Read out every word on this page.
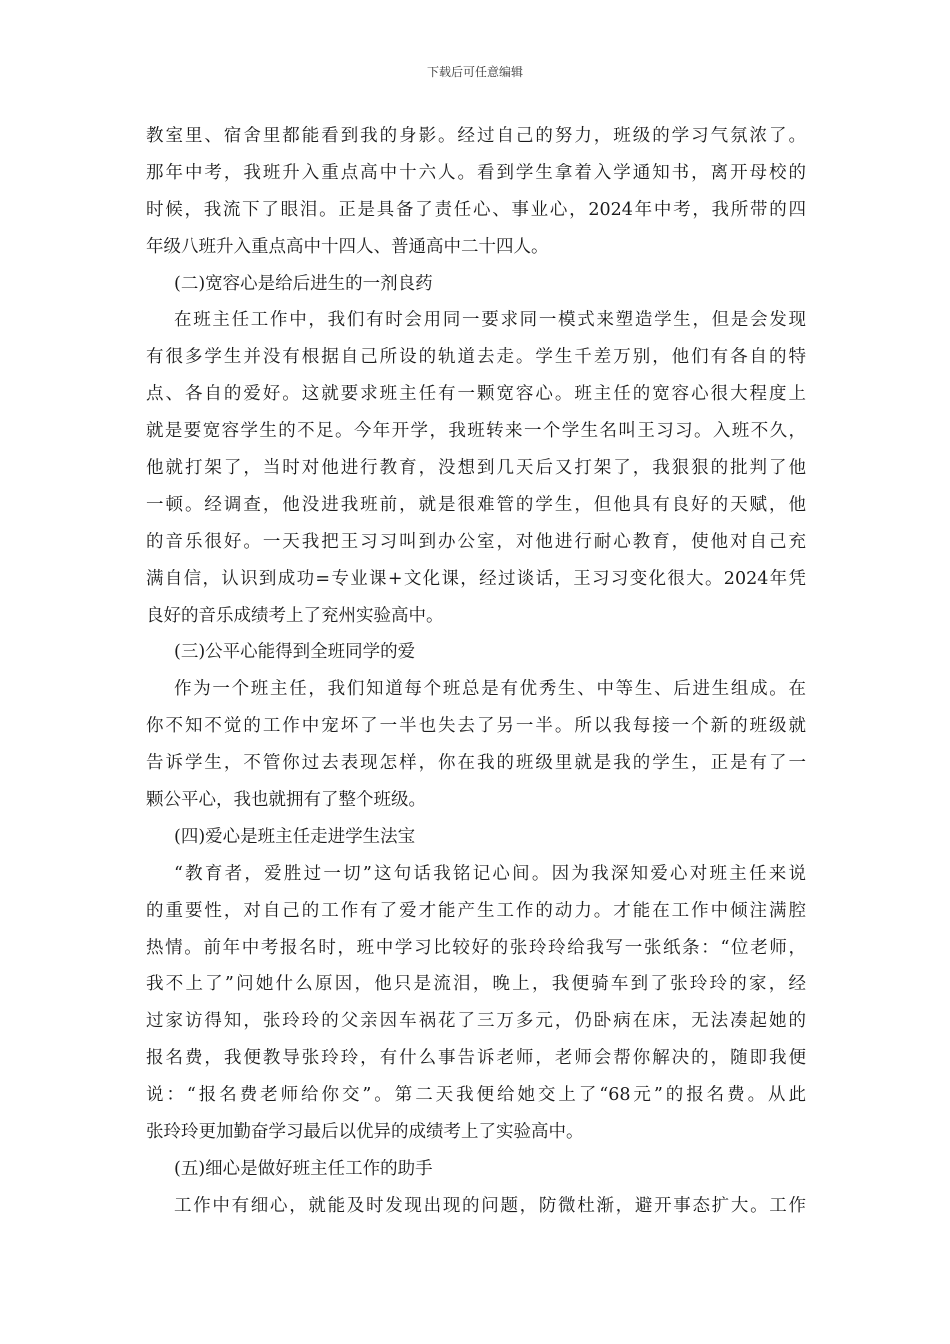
下载后可任意编辑
教室里、宿舍里都能看到我的身影。经过自己的努力，班级的学习气氛浓了。
那年中考，我班升入重点高中十六人。看到学生拿着入学通知书，离开母校的
时候，我流下了眼泪。正是具备了责任心、事业心，2024年中考，我所带的四
年级八班升入重点高中十四人、普通高中二十四人。
(二)宽容心是给后进生的一剂良药
在班主任工作中，我们有时会用同一要求同一模式来塑造学生，但是会发现
有很多学生并没有根据自己所设的轨道去走。学生千差万别，他们有各自的特
点、各自的爱好。这就要求班主任有一颗宽容心。班主任的宽容心很大程度上
就是要宽容学生的不足。今年开学，我班转来一个学生名叫王习习。入班不久，
他就打架了，当时对他进行教育，没想到几天后又打架了，我狠狠的批判了他
一顿。经调查，他没进我班前，就是很难管的学生，但他具有良好的天赋，他
的音乐很好。一天我把王习习叫到办公室，对他进行耐心教育，使他对自己充
满自信，认识到成功=专业课+文化课，经过谈话，王习习变化很大。2024年凭
良好的音乐成绩考上了兖州实验高中。
(三)公平心能得到全班同学的爱
作为一个班主任，我们知道每个班总是有优秀生、中等生、后进生组成。在
你不知不觉的工作中宠坏了一半也失去了另一半。所以我每接一个新的班级就
告诉学生，不管你过去表现怎样，你在我的班级里就是我的学生，正是有了一
颗公平心，我也就拥有了整个班级。
(四)爱心是班主任走进学生法宝
“教育者，爱胜过一切”这句话我铭记心间。因为我深知爱心对班主任来说
的重要性，对自己的工作有了爱才能产生工作的动力。才能在工作中倾注满腔
热情。前年中考报名时，班中学习比较好的张玲玲给我写一张纸条：“位老师，
我不上了”问她什么原因，他只是流泪，晚上，我便骑车到了张玲玲的家，经
过家访得知，张玲玲的父亲因车祸花了三万多元，仍卧病在床，无法凑起她的
报名费，我便教导张玲玲，有什么事告诉老师，老师会帮你解决的，随即我便
说：“报名费老师给你交”。第二天我便给她交上了“68元”的报名费。从此
张玲玲更加勤奋学习最后以优异的成绩考上了实验高中。
(五)细心是做好班主任工作的助手
工作中有细心，就能及时发现出现的问题，防微杜渐，避开事态扩大。工作
